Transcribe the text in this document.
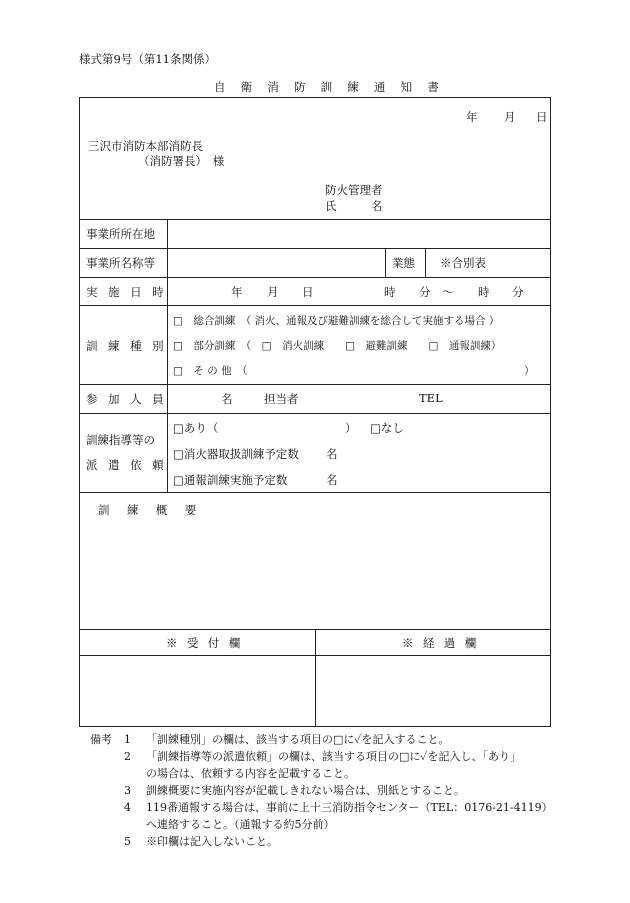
様式第9号（第11条関係）
自 衛 消 防 訓 練 通 知 書
年 月 日
三沢市消防本部消防長
（消防署長）　様
防火管理者
氏　　　名
事業所所在地
事業所名称等	業態 ※合別表
実 施 日 時	年 月 日	時 分 ～ 時 分
訓 練 種 別
□　総合訓練　（ 消火、通報及び避難訓練を総合して実施する場合 ）
□　部分訓練　（　□　消火訓練　　□　避難訓練　　□　通報訓練）
□　そ の 他　（	）
参 加 人 員	名	担当者	TEL
訓練指導等の
派 遣 依 頼
□あり（	） □なし
□消火器取扱訓練予定数 名
□通報訓練実施予定数	名
訓 練 概 要
※ 受 付 欄	※ 経 過 欄
備考	1	「訓練種別」の欄は、該当する項目の□に✓を記入すること。
2	「訓練指導等の派遣依頼」の欄は、該当する項目の□に✓を記入し、「あり」
の場合は、依頼する内容を記載すること。
3	訓練概要に実施内容が記載しきれない場合は、別紙とすること。
4	119番通報する場合は、事前に上十三消防指令センター（TEL：0176-21-4119）
へ連絡すること。（通報する約5分前）
5	※印欄は記入しないこと。
